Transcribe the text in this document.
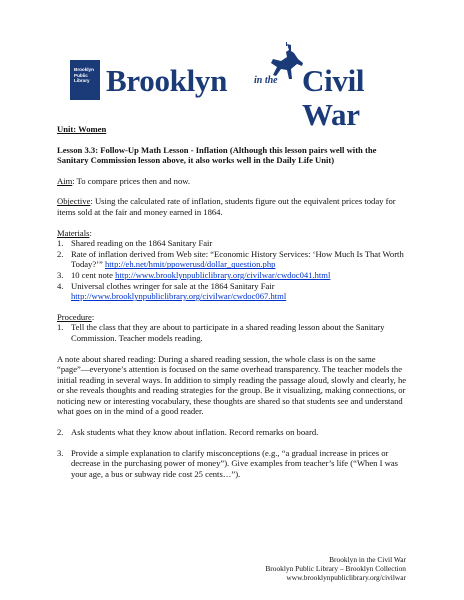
Brooklyn
Public
Library Brooklyn	in the Civil War

Unit: Women

Lesson 3.3: Follow-Up Math Lesson - Inflation (Although this lesson pairs well with the Sanitary Commission lesson above, it also works well in the Daily Life Unit)

Aim: To compare prices then and now.

Objective: Using the calculated rate of inflation, students figure out the equivalent prices today for items sold at the fair and money earned in 1864.

Materials:

1. Shared reading on the 1864 Sanitary Fair
2. Rate of inflation derived from Web site: “Economic History Services: ‘How Much Is That Worth Today?’” http://eh.net/hmit/ppowerusd/dollar_question.php
3. 10 cent note http://www.brooklynpubliclibrary.org/civilwar/cwdoc041.html
4. Universal clothes wringer for sale at the 1864 Sanitary Fair
http://www.brooklynpubliclibrary.org/civilwar/cwdoc067.html

Procedure:

1. Tell the class that they are about to participate in a shared reading lesson about the Sanitary Commission. Teacher models reading.

A note about shared reading: During a shared reading session, the whole class is on the same “page”—everyone’s attention is focused on the same overhead transparency. The teacher models the initial reading in several ways. In addition to simply reading the passage aloud, slowly and clearly, he or she reveals thoughts and reading strategies for the group. Be it visualizing, making connections, or noticing new or interesting vocabulary, these thoughts are shared so that students see and understand what goes on in the mind of a good reader.

2. Ask students what they know about inflation. Record remarks on board.
3. Provide a simple explanation to clarify misconceptions (e.g., “a gradual increase in prices or decrease in the purchasing power of money”). Give examples from teacher’s life (“When I was your age, a bus or subway ride cost 25 cents…”).
Brooklyn in the Civil War
Brooklyn Public Library – Brooklyn Collection
www.brooklynpubliclibrary.org/civilwar
